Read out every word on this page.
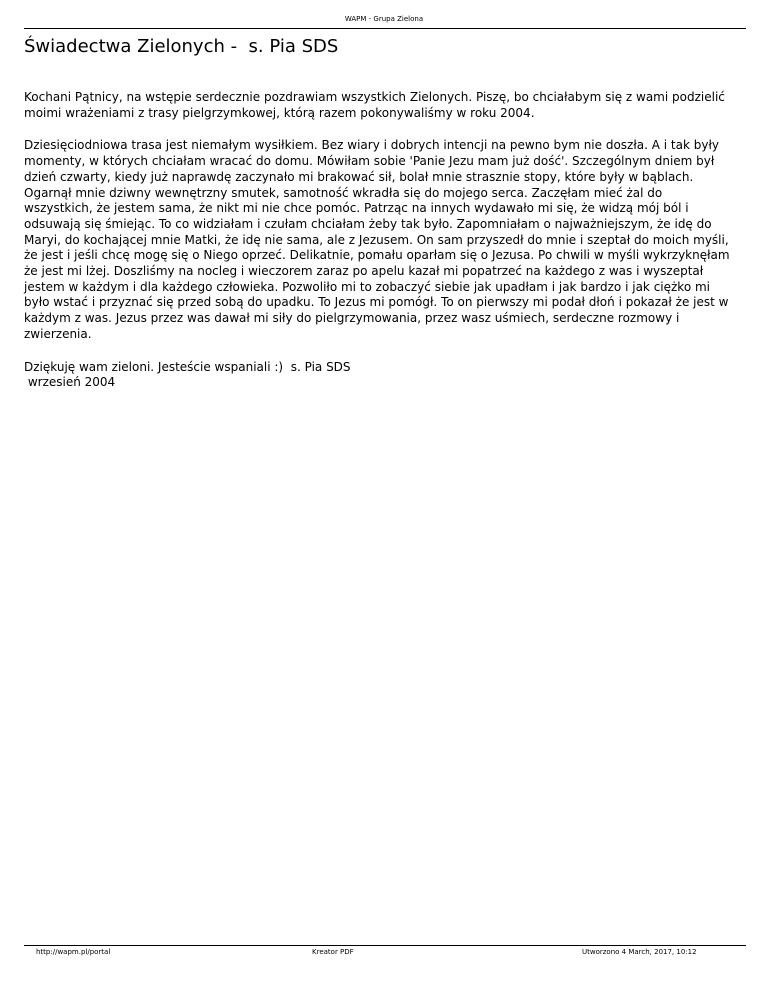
WAPM - Grupa Zielona
Świadectwa Zielonych -  s. Pia SDS

Kochani Pątnicy, na wstępie serdecznie pozdrawiam wszystkich Zielonych. Piszę, bo chciałabym się z wami podzielić moimi wrażeniami z trasy pielgrzymkowej, którą razem pokonywaliśmy w roku 2004.

Dziesięciodniowa trasa jest niemałym wysiłkiem. Bez wiary i dobrych intencji na pewno bym nie doszła. A i tak były momenty, w których chciałam wracać do domu. Mówiłam sobie 'Panie Jezu mam już dość'. Szczególnym dniem był dzień czwarty, kiedy już naprawdę zaczynało mi brakować sił, bolał mnie strasznie stopy, które były w bąblach. Ogarnął mnie dziwny wewnętrzny smutek, samotność wkradła się do mojego serca. Zaczęłam mieć żal do wszystkich, że jestem sama, że nikt mi nie chce pomóc. Patrząc na innych wydawało mi się, że widzą mój ból i odsuwają się śmiejąc. To co widziałam i czułam chciałam żeby tak było. Zapomniałam o najważniejszym, że idę do Maryi, do kochającej mnie Matki, że idę nie sama, ale z Jezusem. On sam przyszedł do mnie i szeptał do moich myśli, że jest i jeśli chcę mogę się o Niego oprzeć. Delikatnie, pomału oparłam się o Jezusa. Po chwili w myśli wykrzyknęłam że jest mi lżej. Doszliśmy na nocleg i wieczorem zaraz po apelu kazał mi popatrzeć na każdego z was i wyszeptał jestem w każdym i dla każdego człowieka. Pozwoliło mi to zobaczyć siebie jak upadłam i jak bardzo i jak ciężko mi było wstać i przyznać się przed sobą do upadku. To Jezus mi pomógł. To on pierwszy mi podał dłoń i pokazał że jest w każdym z was. Jezus przez was dawał mi siły do pielgrzymowania, przez wasz uśmiech, serdeczne rozmowy i zwierzenia.

Dziękuję wam zieloni. Jesteście wspaniali :)  s. Pia SDS
wrzesień 2004

http://wapm.pl/portal	Kreator PDF	Utworzono 4 March, 2017, 10:12
